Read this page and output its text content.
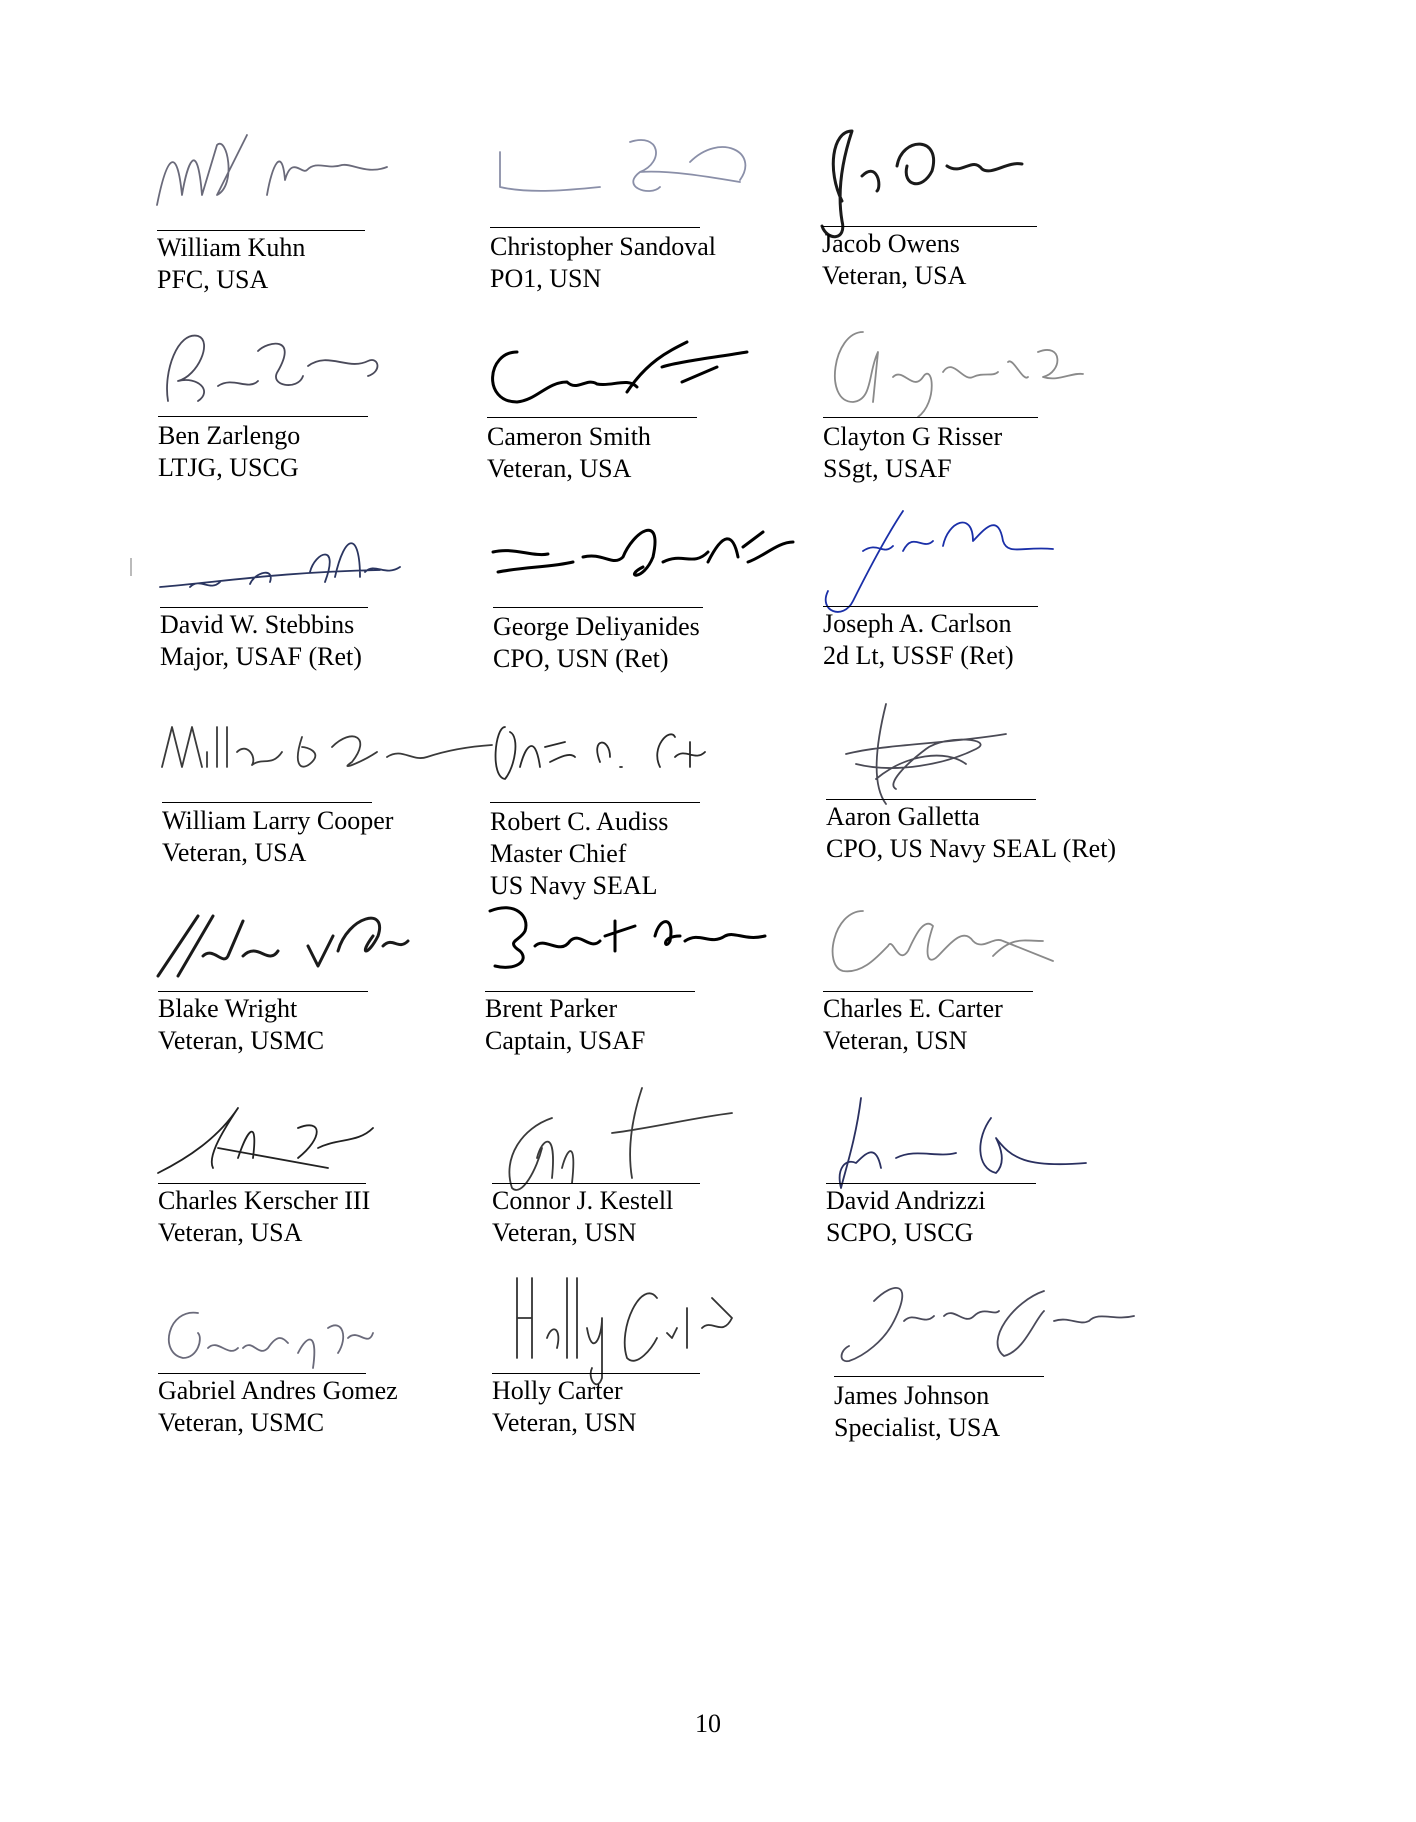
William Kuhn
PFC, USA
Christopher Sandoval
PO1, USN
Jacob Owens
Veteran, USA
Ben Zarlengo
LTJG, USCG
Cameron Smith
Veteran, USA
Clayton G Risser
SSgt, USAF
David W. Stebbins
Major, USAF (Ret)
George Deliyanides
CPO, USN (Ret)
Joseph A. Carlson
2d Lt, USSF (Ret)
William Larry Cooper
Veteran, USA
Robert C. Audiss
Master Chief
US Navy SEAL
Aaron Galletta
CPO, US Navy SEAL (Ret)
Blake Wright
Veteran, USMC
Brent Parker
Captain, USAF
Charles E. Carter
Veteran, USN
Charles Kerscher III
Veteran, USA
Connor J. Kestell
Veteran, USN
David Andrizzi
SCPO, USCG
Gabriel Andres Gomez
Veteran, USMC
Holly Carter
Veteran, USN
James Johnson
Specialist, USA
10
